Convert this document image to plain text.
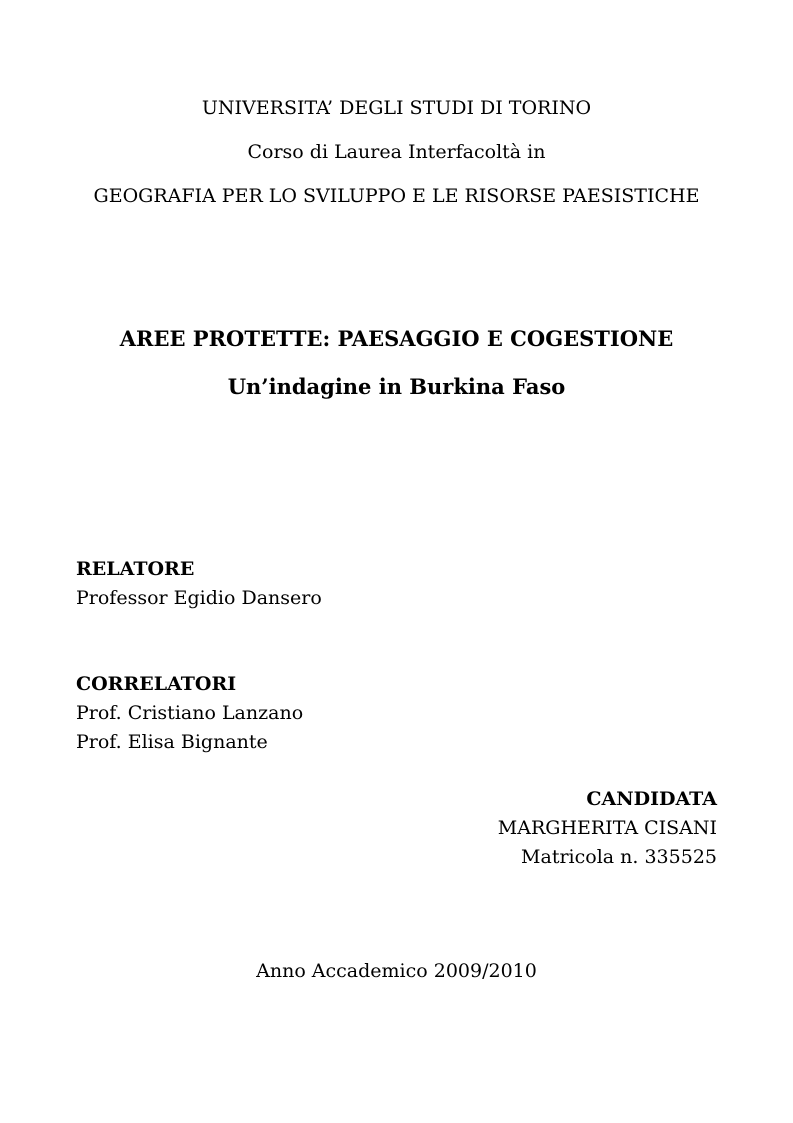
UNIVERSITA’ DEGLI STUDI DI TORINO
Corso di Laurea Interfacoltà in
GEOGRAFIA PER LO SVILUPPO E LE RISORSE PAESISTICHE
AREE PROTETTE: PAESAGGIO E COGESTIONE
Un’indagine in Burkina Faso
RELATORE
Professor Egidio Dansero
CORRELATORI
Prof. Cristiano Lanzano
Prof. Elisa Bignante
CANDIDATA
MARGHERITA CISANI
Matricola n. 335525
Anno Accademico 2009/2010
